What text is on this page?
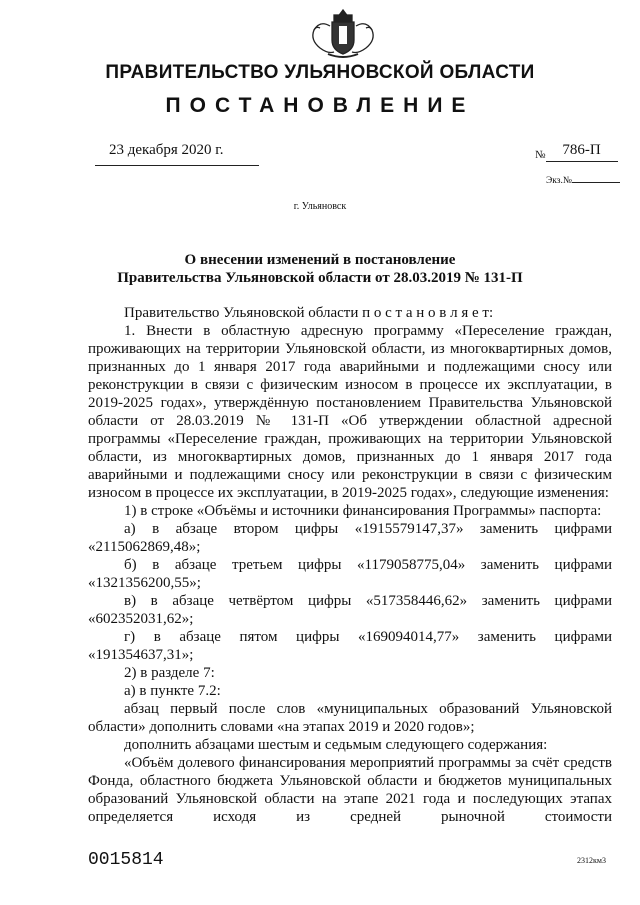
ПРАВИТЕЛЬСТВО УЛЬЯНОВСКОЙ ОБЛАСТИ
ПОСТАНОВЛЕНИЕ
23 декабря 2020 г.	$_№$ 786-П
Экз.№
г. Ульяновск
О внесении изменений в постановление
Правительства Ульяновской области от 28.03.2019 № 131-П

Правительство Ульяновской области п о с т а н о в л я е т:

1. Внести в областную адресную программу «Переселение граждан, проживающих на территории Ульяновской области, из многоквартирных домов, признанных до 1 января 2017 года аварийными и подлежащими сносу или реконструкции в связи с физическим износом в процессе их эксплуатации, в 2019-2025 годах», утверждённую постановлением Правительства Ульяновской области от 28.03.2019 № 131-П «Об утверждении областной адресной программы «Переселение граждан, проживающих на территории Ульяновской области, из многоквартирных домов, признанных до 1 января 2017 года аварийными и подлежащими сносу или реконструкции в связи с физическим износом в процессе их эксплуатации, в 2019-2025 годах», следующие изменения:

1) в строке «Объёмы и источники финансирования Программы» паспорта:

а) в абзаце втором цифры «1915579147,37» заменить цифрами «2115062869,48»;

б) в абзаце третьем цифры «1179058775,04» заменить цифрами «1321356200,55»;

в) в абзаце четвёртом цифры «517358446,62» заменить цифрами «602352031,62»;

г) в абзаце пятом цифры «169094014,77» заменить цифрами «191354637,31»;

2) в разделе 7:

а) в пункте 7.2:

абзац первый после слов «муниципальных образований Ульяновской области» дополнить словами «на этапах 2019 и 2020 годов»;

дополнить абзацами шестым и седьмым следующего содержания:

«Объём долевого финансирования мероприятий программы за счёт средств Фонда, областного бюджета Ульяновской области и бюджетов муниципальных образований Ульяновской области на этапе 2021 года и последующих этапах определяется исходя из средней рыночной стоимости

0015814	2312км3
